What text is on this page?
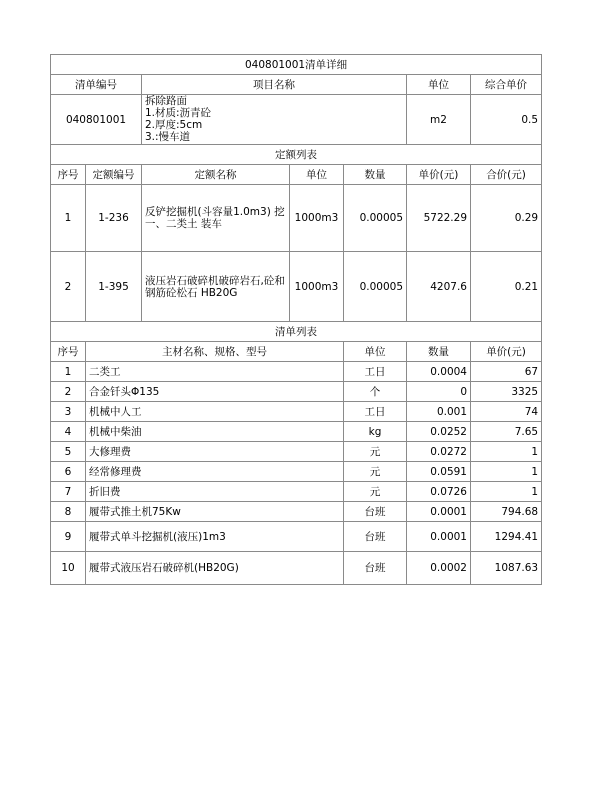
040801001清单详细							
清单编号		项目名称			单位	综合单价	
040801001		拆除路面
1.材质:沥青砼
2.厚度:5cm
3.:慢车道			m2	0.5	
定额列表							
序号	定额编号	定额名称	单位	数量	单价(元)	合价(元)	
1	1-236	反铲挖掘机(斗容量1.0m3) 挖一、二类土 装车	1000m3	0.00005	5722.29	0.29	
2	1-395	液压岩石破碎机破碎岩石,砼和钢筋砼松石 HB20G	1000m3	0.00005	4207.6	0.21	
清单列表							
序号	主材名称、规格、型号			单位	数量	单价(元)	
1	二类工			工日	0.0004	67	
2	合金钎头Φ135			个	0	3325	
3	机械中人工			工日	0.001	74	
4	机械中柴油			kg	0.0252	7.65	
5	大修理费			元	0.0272	1	
6	经常修理费			元	0.0591	1	
7	折旧费			元	0.0726	1	
8	履带式推土机75Kw			台班	0.0001	794.68	
9	履带式单斗挖掘机(液压)1m3			台班	0.0001	1294.41	
10	履带式液压岩石破碎机(HB20G)			台班	0.0002	1087.63	
